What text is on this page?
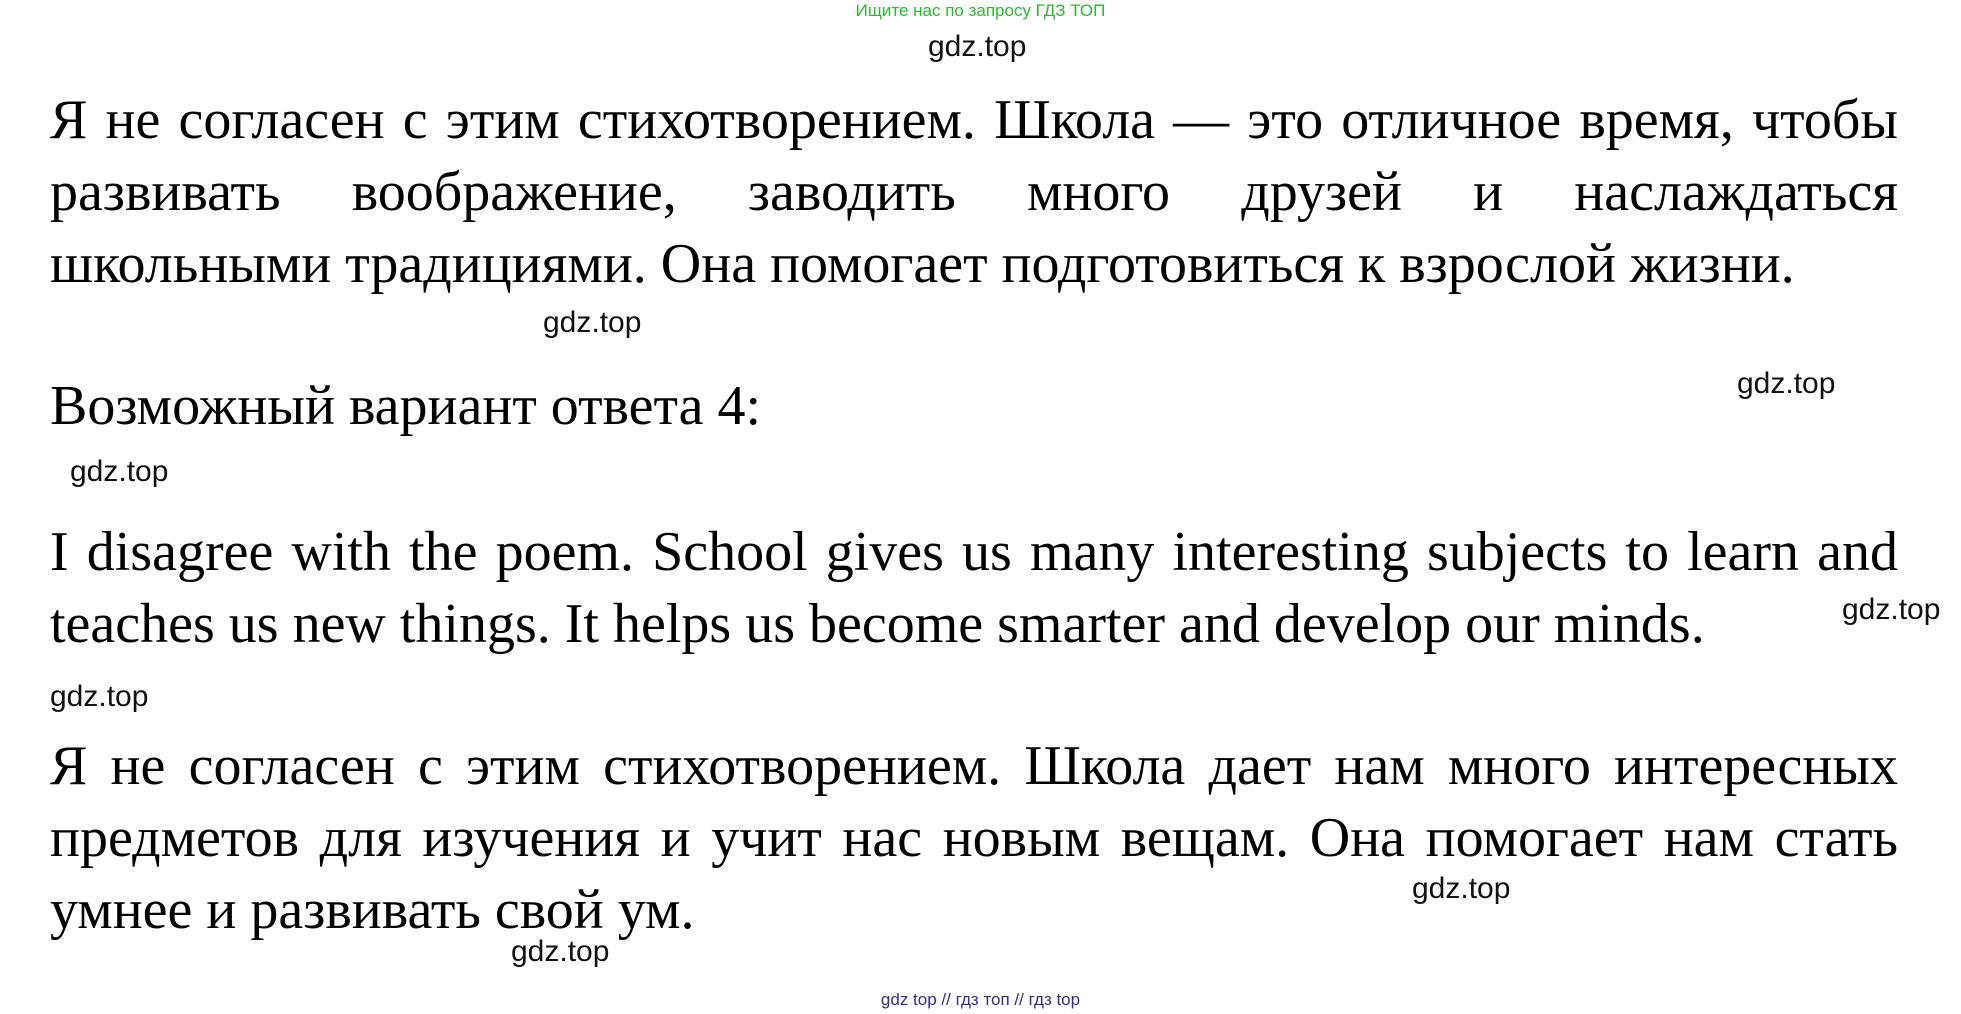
Ищите нас по запросу ГДЗ ТОП
gdz.top
Я не согласен с этим стихотворением. Школа — это отличное время, чтобы
развивать воображение, заводить много друзей и наслаждаться
школьными традициями. Она помогает подготовиться к взрослой жизни.
gdz.top
gdz.top
Возможный вариант ответа 4:
gdz.top
I disagree with the poem. School gives us many interesting subjects to learn and
teaches us new things. It helps us become smarter and develop our minds.	gdz.top
gdz.top
Я не согласен с этим стихотворением. Школа дает нам много интересных
предметов для изучения и учит нас новым вещам. Она помогает нам стать
умнее и развивать свой ум.	gdz.top
gdz.top
gdz top // гдз топ // гдз top
